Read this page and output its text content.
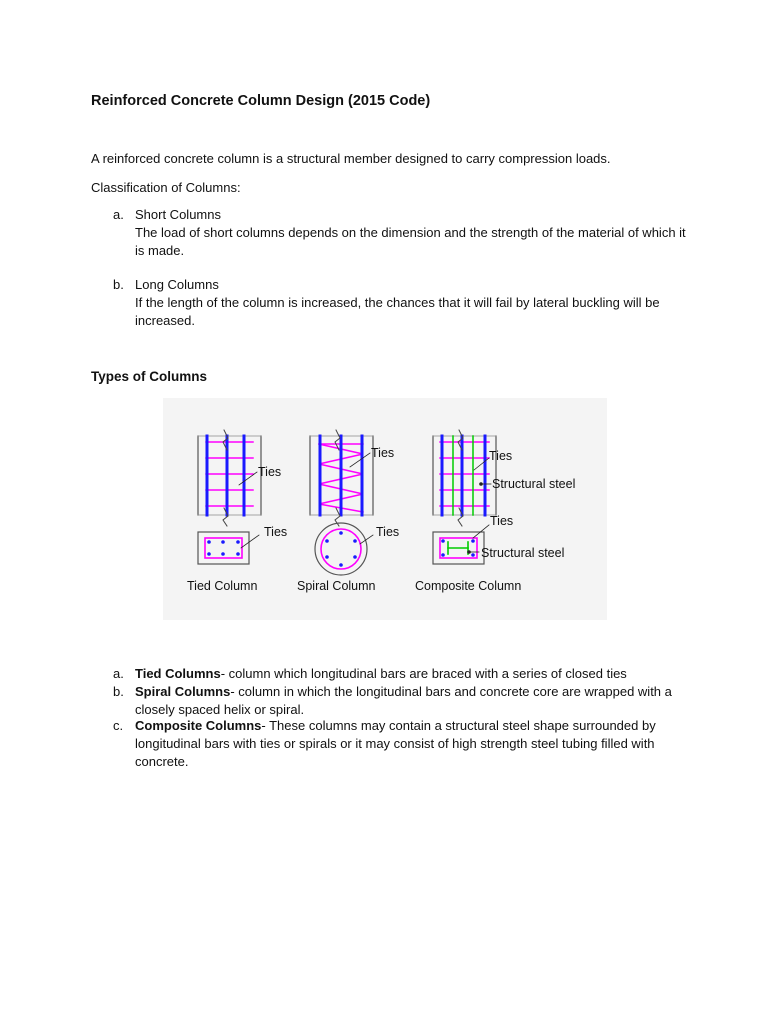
Reinforced Concrete Column Design (2015 Code)
A reinforced concrete column is a structural member designed to carry compression loads.
Classification of Columns:
a. Short Columns
The load of short columns depends on the dimension and the strength of the material of which it is made.
b. Long Columns
If the length of the column is increased, the chances that it will fail by lateral buckling will be increased.
Types of Columns
Ties
Ties	Ties
Structural steel
Ties	Ties
Ties
Structural steel
Tied Column	Spiral Column	Composite Column
a. Tied Columns- column which longitudinal bars are braced with a series of closed ties
b. Spiral Columns- column in which the longitudinal bars and concrete core are wrapped with a closely spaced helix or spiral.
c. Composite Columns- These columns may contain a structural steel shape surrounded by longitudinal bars with ties or spirals or it may consist of high strength steel tubing filled with concrete.
